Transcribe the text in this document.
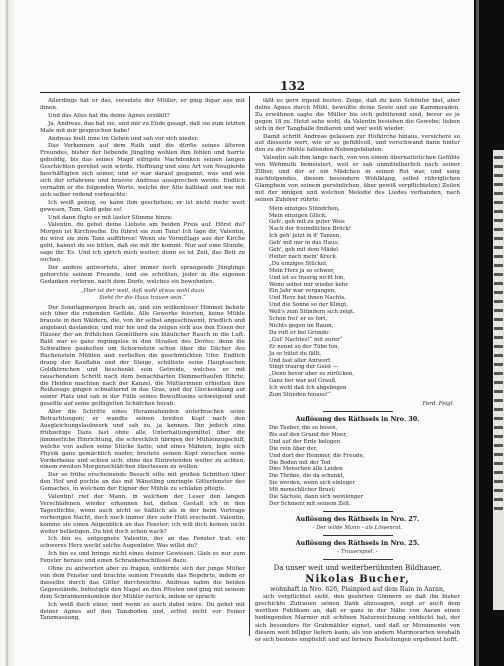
132

Allerdings hat er das, versetzte der Müller; er ging ihgar aus mit ihnen.

Und das Alles hat die deine Agnes erzählt?

Ja, Andreas, das hat sie, und mir zu Ende gesagt, daß sie zum letzten Male mit mir gesprochen habe!

Andreas hielt inne im Gehen und sah vor sich nieder.

Das Verkennen auf dem Rath und die dürfte seines älteren Freundes, bisher der liebende Jüngling wohlen ihm fehlen und harrte gebuldig, bis das seines Magd eifrigste Nachdenken seinen langen Geschichten gerebet sein würde. Hoffnung und eine Art von Neugierde beschäftigten sich seiner, und er war darauf gespannt, was und wie sich der erfahrene und bravste Andreas aussprechen werde. Endlich vernahm er die folgenden Worte, welche der Alte halblaut und wie mit sich selber redend vorbrachte:

Ich weiß genug, so kann ihm geschehen; er ist nicht mehr wert gewesen, Tom, Gott gebe es!

Und dann fügte er mit lauter Stimme hinzu:

Valentin, du gehst deine Liebste am beiden Preis auf. Hörst du? Morgen ist Kirchweihe. Du führst sie zum Tanz! Ich lage dir, Valentin, du wirst sie zum Tanz aufführen! Wenn sie Vormittags aus der Kirche geht, kannst du sie bitten, daß sie mit dir kommt. Nur auf eine Stunde, sage ihr. Es. Und ich sprich mich weiter; denn es ist Zeit, das Bett zu suchen.

Der andere antwortete, aber immer noch sprangende Jünglinge gehorchte seinem Freunde, und sie schritten, jeder in die eigenen Gedanken verloren, nach dem Dorfe, welches sie bewohnten.

„Hier ist der weit, daß wohl etwas wohl dazu
Sieht ihr die Haus trauen sein.“

Der Sonntagmorgen brach an, und ein wolkenloser Himmel behnte sich über die ruhenden Gefilde. Alle Gewerke feierten, keine Mühle brauste in den Wäldern, die, von ihr selbst angeschiwemt, friedlich und angebaut dastanden, und nur hie und da zeigen sich aus den Essen der Häuser der an fröhlichen Gemüthern ein bläulicher Rauch in die Luft. Bald war es ganz regungslos in den Straßen des Dorfes; denn die Schwalben gaukelten um Schornstein schon über die Dächer des Buchenstein Mühlen und verließen die geschmückten Ufer. Endlich drang der Kauflahn und der Steige, schüttete seine Hauptsachen Goldkörnchen und beschenkt sein Getreide, welches er mit rauschendem Schritt nach dem benachbarten Dämmerhaufen führte; die Heiden machten nach der Kanzel, die Mütterinnen erhielten ihre Reißzeuge gingen schnatternd in das Gras, und der Glockenklang auf seiner Platz und sah in der Fülle seines Bewußtseins schweigend und gesellte auf seine geflügelten Schäfchen herab.

Aber die Schritte eines Herannahenden unterbrachen seine Betrachtungen; er wandte seinen breiten Kopf nach den Ausgleichungslaubwerk und sah zu, ja kennen. Ihn jedoch eine frühzeitige Dans fast ohne alle Unterhaltungsmittel über die jämmerliche Hinrichtung, die schrecklich übrigen der Mühlenzugschiff, welche von außen seine Stücke hatte, und eines Mähnen, legte sich Physik ganz gemächlich nieder, breitete seinen Kopf zwischen seine Vorderbeine und schien sich, ohne des Eintretenden weiter zu achten, einem zweiten Morgenschläfchen überlassen zu wollen.

Der so frühe erscheinende Besuch eilte mit großen Schritten über den Hof und pochte an das mit Wänstling umringte Gitterfenster des Gemaches, in welchem der Eigner der Mühle zu schlafen pflegte.

Valentin! rief der Mann, in welchem der Leser den langen Verschlafenen wieder erkennen hat, deßen Gestalt ich in den Tagestlichte, wenn auch nicht so häßlich als in der beim Vortrage vorherigen Nacht, doch noch immer ihre sehr Hutt erscheint. Valentin, komme sie einen Augenblick an das Fenster; ich will dich keinen nicht weiter belästigen. Du bist doch schon wach?

Ich bin es, entgegnete Valentin, der an das Fenster trat; ein schweres Herz weckt solche Augenlider. Was willst du?

Ich bin es und bringe nicht eines deiner Gewissen. Gieb es nur zum Fenster heraus und einen Schrankenschlüssel dazu.

Ohne zu antworten aber zu fragen, entfernte sich der junge Müller von dem Fenster und brachte seinem Freunde das Begehrte, indem er dasselbe durch das Gitter durchreichte. Andreas nahm die beiden Gegenstände, befestigte den Nagel an den Pfosten und ging mit seinem dem Schrankenräumlein der Mühler zurück, indem er sprach:

Ich weiß doch einer, und wenn es auch dabei wäre. Du gehst mit deiner Agnes auf den Tanzboden und, erlöst nicht vor Feiner Tanzmassung,

läßt es gern irgend besten. Zeige, daß du kein Schönfer bist, aber deine Agnes durch Mühl, bewußte deine Seele und sie Kammeraden. Zu erwähnen sagte die Müller bis sich gebührend sind, bevor es je gegen 18 zu. Hetzt sehe wohl, da Valentin besiehen die Gewebe; lieben sich in der Tanghalle findiaren und wer weiß wieder.

Damit schritt Andreas gelassen zur Hofkirche hinaus, versichere so auf diesseits wert, wie er so gefühlvoll, und verschwand dann hinter den zu der Mühle fallenden Nebengebäuden.

Valentin sah ihm lange nach, von von einem übernatürlichen Gefühle von Wehmuth bemeistert, weil er sah unmittelbarlich nach seiner Zither, und der er ein Mädchen in seinen Rot war, und sang nachfolgendes, diesem besondern Wohlklang, selbst rühriglichen Glamphein von seinem persönlichen, über gewiß verpflichteten) Zeilen mit der innigen und welchen Melodie des Liedes verbanden, nach seinen Zuhörer rührte:

Mein einziges Stündchen,
Mein einzigen Glück,
Geh', geh mit zu guter Weis
Nach der freundlichen Brück!
Ich geh' jetzt in d' Tanzen,
Geh' mit mir in das Haus;
Geh', geh mit dem Mädel
Heiter nach mein' Kreck.
„Du einziges Stückel,
Mein Herz ja so schwer,
Und ist so traurig nicht hin,
Wenn selbst mir wieder kehr.
Ein Jahr war vergangen,
Und Herz hat ihnen Nachts,
Und die Sonne so der Klingt,
Weil's zum Stündern sich zeigt.
Schon frei' er es fort,
Nichts gegen im Raum,
Da ruft er bei Grunde:
„Gut' Nachtes!“ mit eurer“
Er nennt so der Tübe hin,
Ja so hütet du fällt,
Und fast aller Antwort
Singt traurig der Geist —
„Denn bevor aber es zurücken,
Ganz her war auf Grauß,
Ich wohl daß Ich abgebogen
Zum Stünden hinaus!“
Ferd. Feigl.
Auflösung des Räthsels in Nro. 30.
Die Tauber, die so besen,
Bis auf den Grund der Meer,
Und auf der Erde belogen
Die rein über der,
Und dort der Hemmer, die Freude,
Die Boden mit der Tod
Dies Menschen alle Leiden
Die Thräne, die da schenkt,
Sie werden, wenn sich einleger
Mit menschlicher Brust;
Die Sächsle, dann sich weinlenger
Der Schmerz mit seinem Zelt.
Auflösung des Räthsels in Nro. 27.
- Der wilde Mann - als Löwenrat.
Auflösung des Räthsels in Nro. 25.
- Trauerspiel. -
Da unser weit und weiterberühmten Bildhauer,
Nikolas Bucher,
wohnhaft in Nro. 626, Plainpied auf dem Rain in Aaran,

sich verpflichtet sieht, den geehrten Gönnern so daß ihn bisher geschickte Zutrauen seinen Dank abzusagen, zeigt er auch dem werthen Publikum an, daß er ganz in der Nähe von Aaran einen bedingenden Marmor mit schönen Naturzeichnung entdeckt hat, der sich besonders für Grabmähler eignet, und daß er Monumente von diesem weit billiger liefern kann, als von andern Marmorarten weshalb er sich bestens empfiehlt und auf fernere Bestellungen ergebenst hofft.
